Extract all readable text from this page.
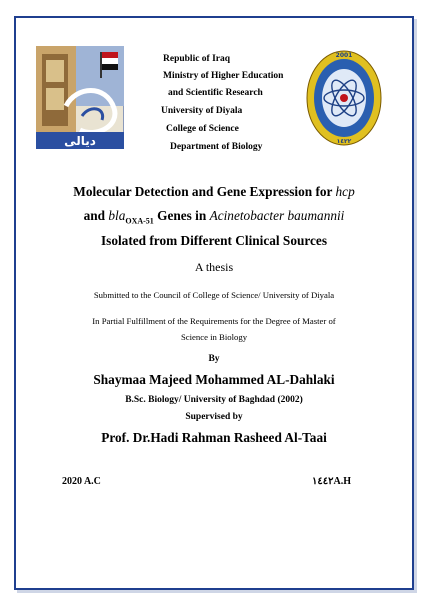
ديالى
2001
١٤٢٢
Republic of Iraq
Ministry of Higher Education
and Scientific Research
University of Diyala
College of Science
Department of Biology
Molecular Detection and Gene Expression for hcp
and bla$_{OXA-51}$ Genes in Acinetobacter baumannii
Isolated from Different Clinical Sources
A thesis
Submitted to the Council of College of Science/ University of Diyala
In Partial Fulfillment of the Requirements for the Degree of Master of
Science in Biology
By
Shaymaa Majeed Mohammed AL-Dahlaki
B.Sc. Biology/ University of Baghdad (2002)
Supervised by
Prof. Dr.Hadi Rahman Rasheed Al-Taai
2020 A.C	١٤٤٢A.H
